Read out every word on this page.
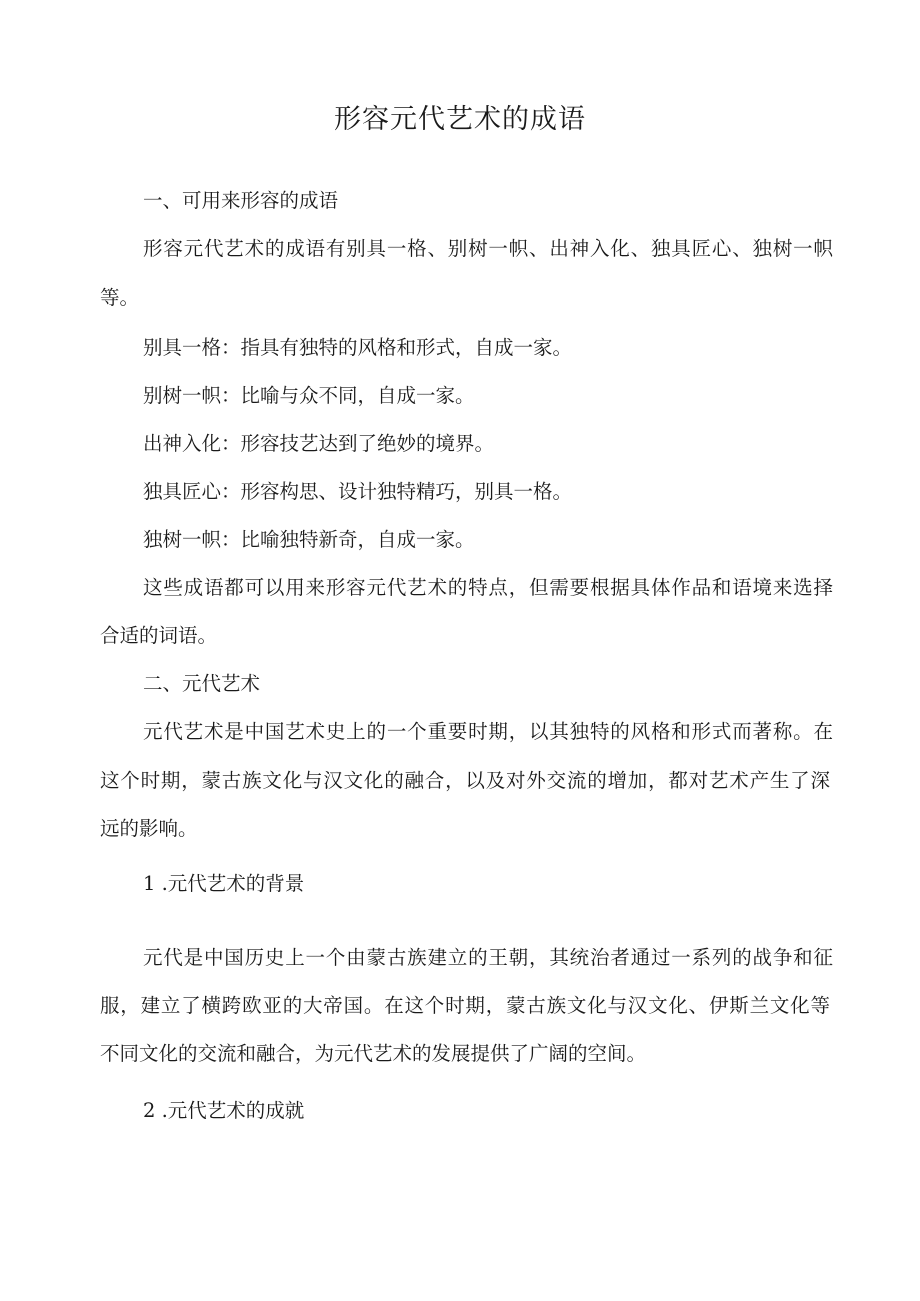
形容元代艺术的成语

一、可用来形容的成语

形容元代艺术的成语有别具一格、别树一帜、出神入化、独具匠心、独树一帜

等。

别具一格：指具有独特的风格和形式，自成一家。

别树一帜：比喻与众不同，自成一家。

出神入化：形容技艺达到了绝妙的境界。

独具匠心：形容构思、设计独特精巧，别具一格。

独树一帜：比喻独特新奇，自成一家。

这些成语都可以用来形容元代艺术的特点，但需要根据具体作品和语境来选择

合适的词语。

二、元代艺术

元代艺术是中国艺术史上的一个重要时期，以其独特的风格和形式而著称。在

这个时期，蒙古族文化与汉文化的融合，以及对外交流的增加，都对艺术产生了深

远的影响。

1 .元代艺术的背景

元代是中国历史上一个由蒙古族建立的王朝，其统治者通过一系列的战争和征

服，建立了横跨欧亚的大帝国。在这个时期，蒙古族文化与汉文化、伊斯兰文化等

不同文化的交流和融合，为元代艺术的发展提供了广阔的空间。

2 .元代艺术的成就
